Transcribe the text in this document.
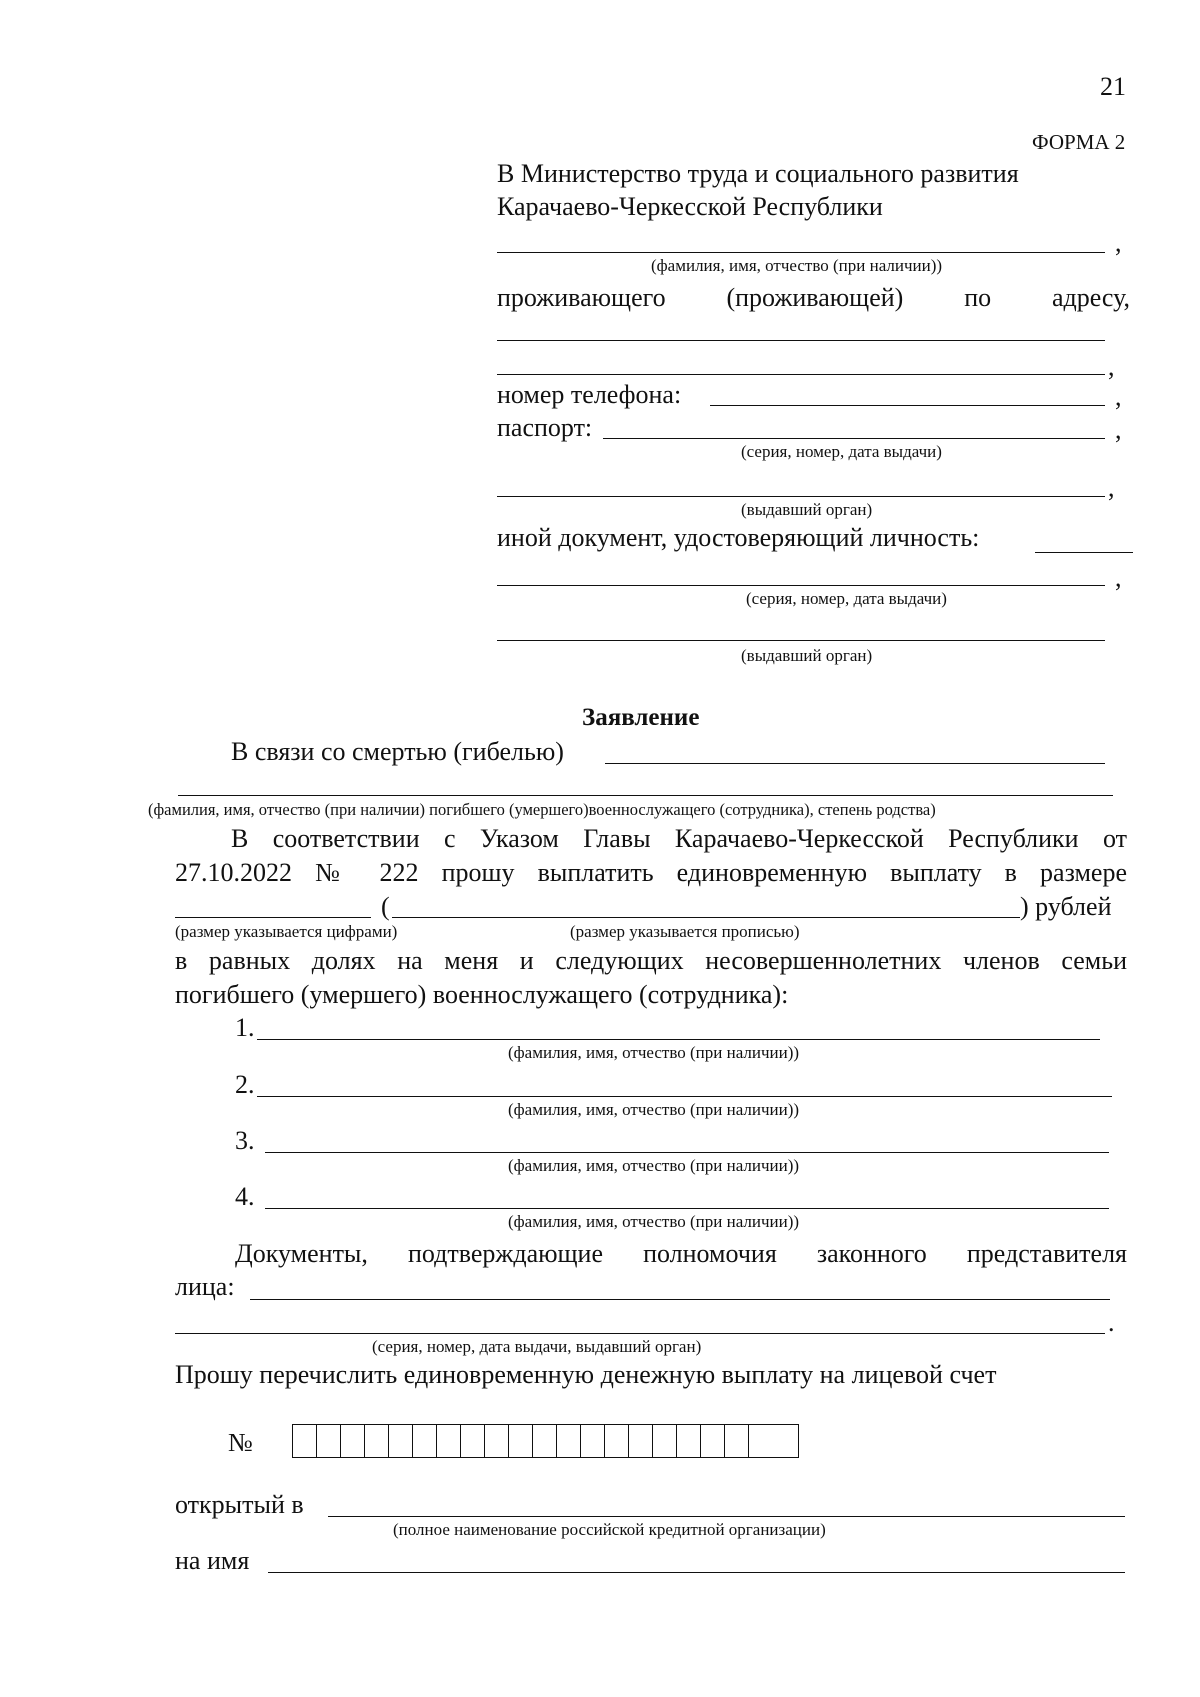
21
ФОРМА 2
В Министерство труда и социального развития
Карачаево-Черкесской Республики
,
(фамилия, имя, отчество (при наличии))
проживающего (проживающей) по адресу,
,
номер телефона:	,
паспорт:	,
(серия, номер, дата выдачи)
,
(выдавший орган)
иной документ, удостоверяющий личность:
,
(серия, номер, дата выдачи)
(выдавший орган)
Заявление
В связи со смертью (гибелью)
(фамилия, имя, отчество (при наличии) погибшего (умершего)военнослужащего (сотрудника), степень родства)
В соответствии с Указом Главы Карачаево-Черкесской Республики от
27.10.2022 № 222 прошу выплатить единовременную выплату в размере
(	) рублей
(размер указывается цифрами)	(размер указывается прописью)
в равных долях на меня и следующих несовершеннолетних членов семьи
погибшего (умершего) военнослужащего (сотрудника):
1.
(фамилия, имя, отчество (при наличии))
2.
(фамилия, имя, отчество (при наличии))
3.
(фамилия, имя, отчество (при наличии))
4.
(фамилия, имя, отчество (при наличии))
Документы, подтверждающие полномочия законного представителя
лица:
.
(серия, номер, дата выдачи, выдавший орган)
Прошу перечислить единовременную денежную выплату на лицевой счет
№
открытый в
(полное наименование российской кредитной организации)
на имя
